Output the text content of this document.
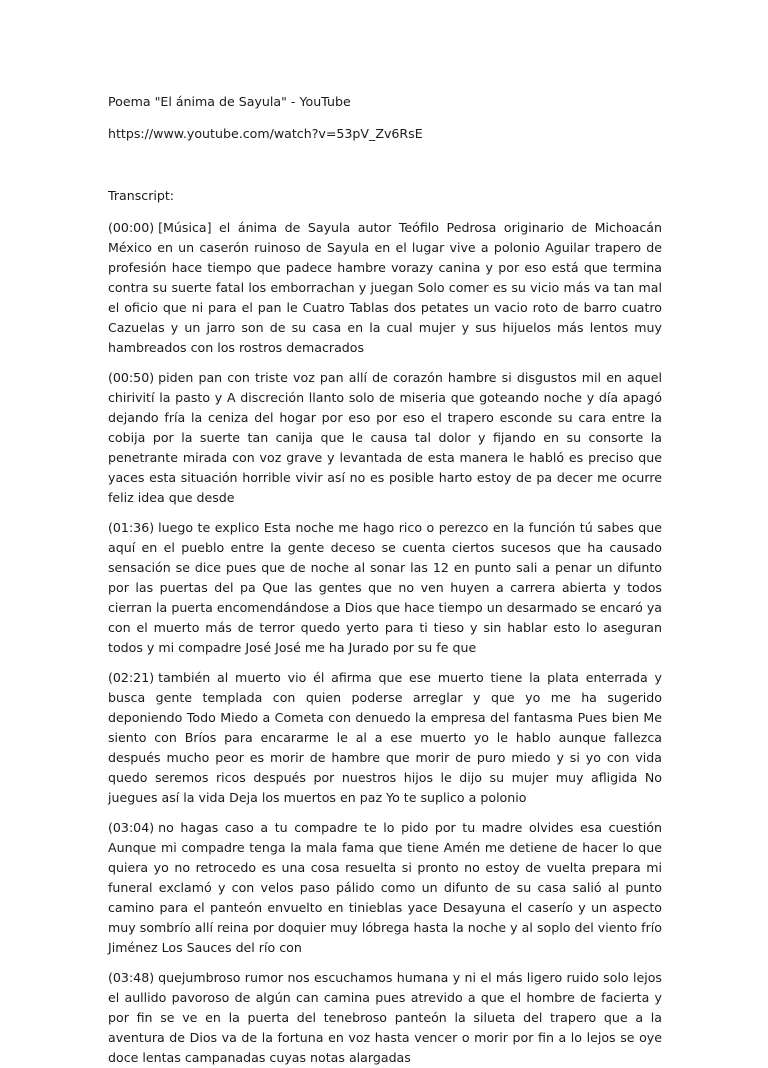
Poema "El ánima de Sayula" - YouTube

https://www.youtube.com/watch?v=53pV_Zv6RsE

Transcript:

(00:00) [Música] el ánima de Sayula autor Teófilo Pedrosa originario de Michoacán México en un caserón ruinoso de Sayula en el lugar vive a polonio Aguilar trapero de profesión hace tiempo que padece hambre vorazy canina y por eso está que termina contra su suerte fatal los emborrachan y juegan Solo comer es su vicio más va tan mal el oficio que ni para el pan le Cuatro Tablas dos petates un vacio roto de barro cuatro Cazuelas y un jarro son de su casa en la cual mujer y sus hijuelos más lentos muy hambreados con los rostros demacrados

(00:50) piden pan con triste voz pan allí de corazón hambre si disgustos mil en aquel chirivití la pasto y A discreción llanto solo de miseria que goteando noche y día apagó dejando fría la ceniza del hogar por eso por eso el trapero esconde su cara entre la cobija por la suerte tan canija que le causa tal dolor y fijando en su consorte la penetrante mirada con voz grave y levantada de esta manera le habló es preciso que yaces esta situación horrible vivir así no es posible harto estoy de pa decer me ocurre feliz idea que desde

(01:36) luego te explico Esta noche me hago rico o perezco en la función tú sabes que aquí en el pueblo entre la gente deceso se cuenta ciertos sucesos que ha causado sensación se dice pues que de noche al sonar las 12 en punto sali a penar un difunto por las puertas del pa Que las gentes que no ven huyen a carrera abierta y todos cierran la puerta encomendándose a Dios que hace tiempo un desarmado se encaró ya con el muerto más de terror quedo yerto para ti tieso y sin hablar esto lo aseguran todos y mi compadre José José me ha Jurado por su fe que

(02:21) también al muerto vio él afirma que ese muerto tiene la plata enterrada y busca gente templada con quien poderse arreglar y que yo me ha sugerido deponiendo Todo Miedo a Cometa con denuedo la empresa del fantasma Pues bien Me siento con Bríos para encararme le al a ese muerto yo le hablo aunque fallezca después mucho peor es morir de hambre que morir de puro miedo y si yo con vida quedo seremos ricos después por nuestros hijos le dijo su mujer muy afligida No juegues así la vida Deja los muertos en paz Yo te suplico a polonio

(03:04) no hagas caso a tu compadre te lo pido por tu madre olvides esa cuestión Aunque mi compadre tenga la mala fama que tiene Amén me detiene de hacer lo que quiera yo no retrocedo es una cosa resuelta si pronto no estoy de vuelta prepara mi funeral exclamó y con velos paso pálido como un difunto de su casa salió al punto camino para el panteón envuelto en tinieblas yace Desayuna el caserío y un aspecto muy sombrío allí reina por doquier muy lóbrega hasta la noche y al soplo del viento frío Jiménez Los Sauces del río con

(03:48) quejumbroso rumor nos escuchamos humana y ni el más ligero ruido solo lejos el aullido pavoroso de algún can camina pues atrevido a que el hombre de facierta y por fin se ve en la puerta del tenebroso panteón la silueta del trapero que a la aventura de Dios va de la fortuna en voz hasta vencer o morir por fin a lo lejos se oye doce lentas campanadas cuyas notas alargadas
